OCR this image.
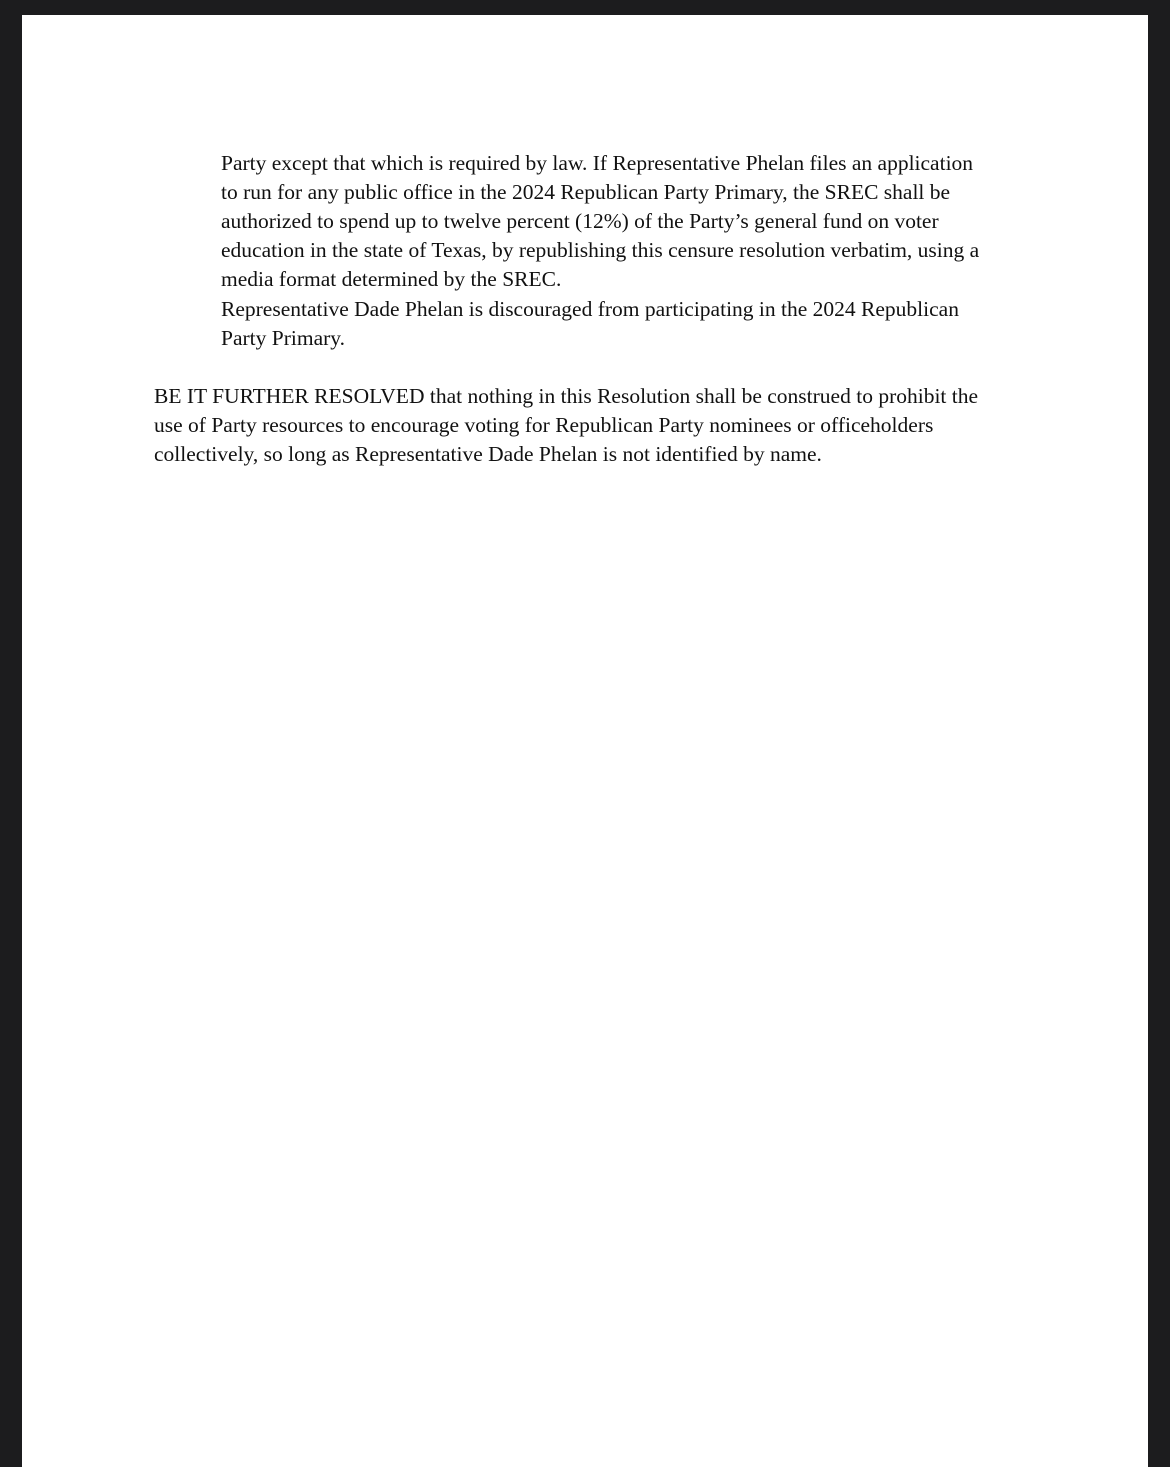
Party except that which is required by law. If Representative Phelan files an application
to run for any public office in the 2024 Republican Party Primary, the SREC shall be
authorized to spend up to twelve percent (12%) of the Party’s general fund on voter
education in the state of Texas, by republishing this censure resolution verbatim, using a
media format determined by the SREC.
Representative Dade Phelan is discouraged from participating in the 2024 Republican
Party Primary.
BE IT FURTHER RESOLVED that nothing in this Resolution shall be construed to prohibit the
use of Party resources to encourage voting for Republican Party nominees or officeholders
collectively, so long as Representative Dade Phelan is not identified by name.
